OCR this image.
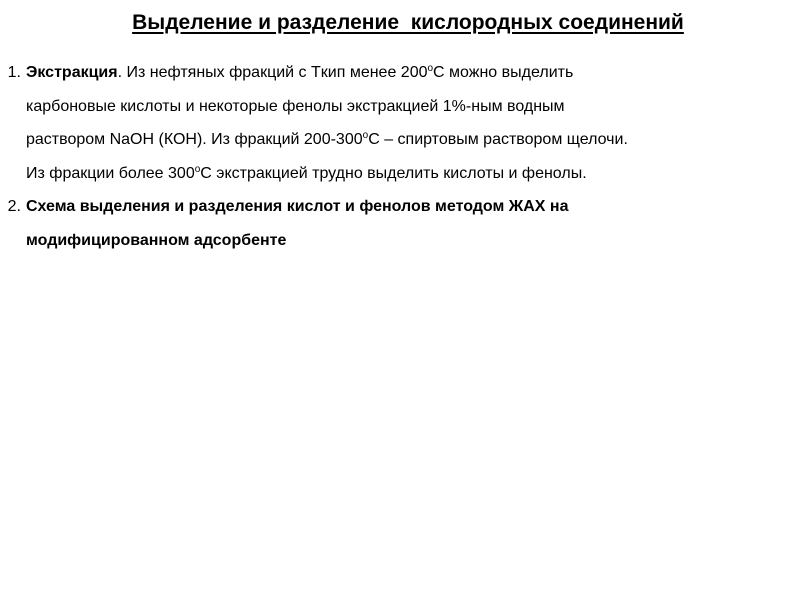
Выделение и разделение  кислородных соединений
1. Экстракция. Из нефтяных фракций с Tкип менее 200$^o$С можно выделить
карбоновые кислоты и некоторые фенолы экстракцией 1%-ным водным
раствором NaOH (КОН). Из фракций 200-300$^o$С – спиртовым раствором щелочи.
Из фракции более 300$^o$С экстракцией трудно выделить кислоты и фенолы.
2. Схема выделения и разделения кислот и фенолов методом ЖАХ на
модифицированном адсорбенте
